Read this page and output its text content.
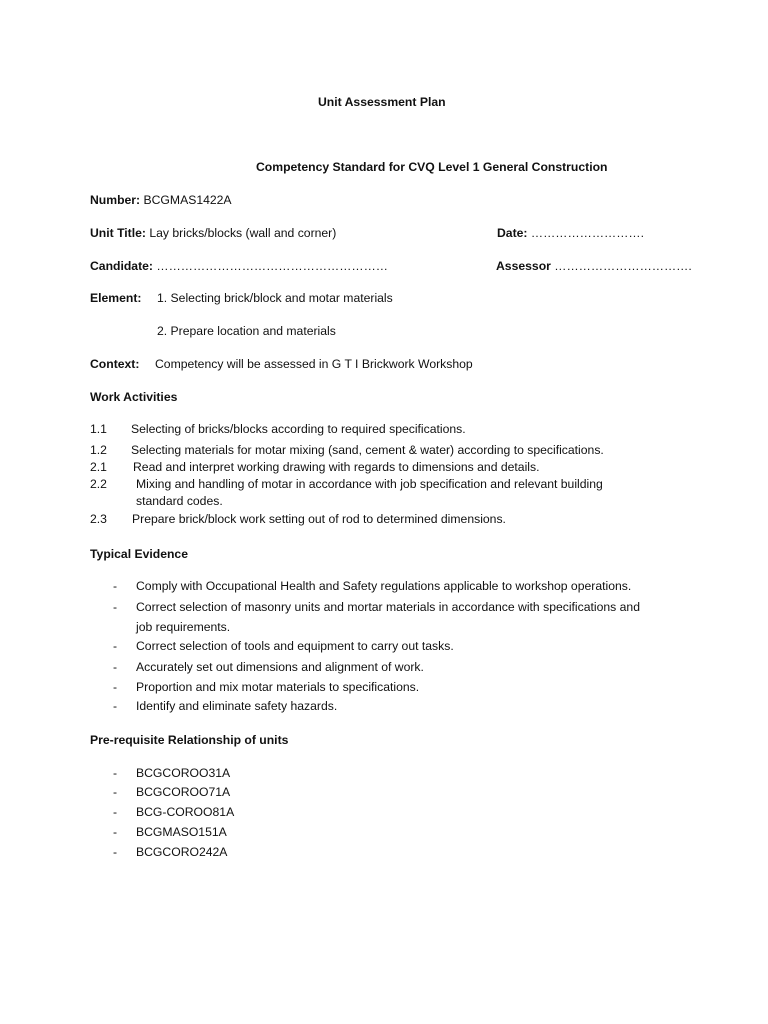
Unit Assessment Plan
Competency Standard for CVQ Level 1 General Construction
Number: BCGMAS1422A
Unit Title: Lay bricks/blocks (wall and corner)	Date: ……………………….
Candidate: …………………………………………………	Assessor …………………………….
Element: 1. Selecting brick/block and motar materials
2. Prepare location and materials
Context: Competency will be assessed in G T I Brickwork Workshop
Work Activities
1.1 Selecting of bricks/blocks according to required specifications.
1.2 Selecting materials for motar mixing (sand, cement & water) according to specifications.
2.1 Read and interpret working drawing with regards to dimensions and details.
2.2 Mixing and handling of motar in accordance with job specification and relevant building
standard codes.
2.3 Prepare brick/block work setting out of rod to determined dimensions.
Typical Evidence
- Comply with Occupational Health and Safety regulations applicable to workshop operations.
- Correct selection of masonry units and mortar materials in accordance with specifications and
job requirements.
- Correct selection of tools and equipment to carry out tasks.
- Accurately set out dimensions and alignment of work.
- Proportion and mix motar materials to specifications.
- Identify and eliminate safety hazards.
Pre-requisite Relationship of units
- BCGCOROO31A
- BCGCOROO71A
- BCG-COROO81A
- BCGMASO151A
- BCGCORO242A
